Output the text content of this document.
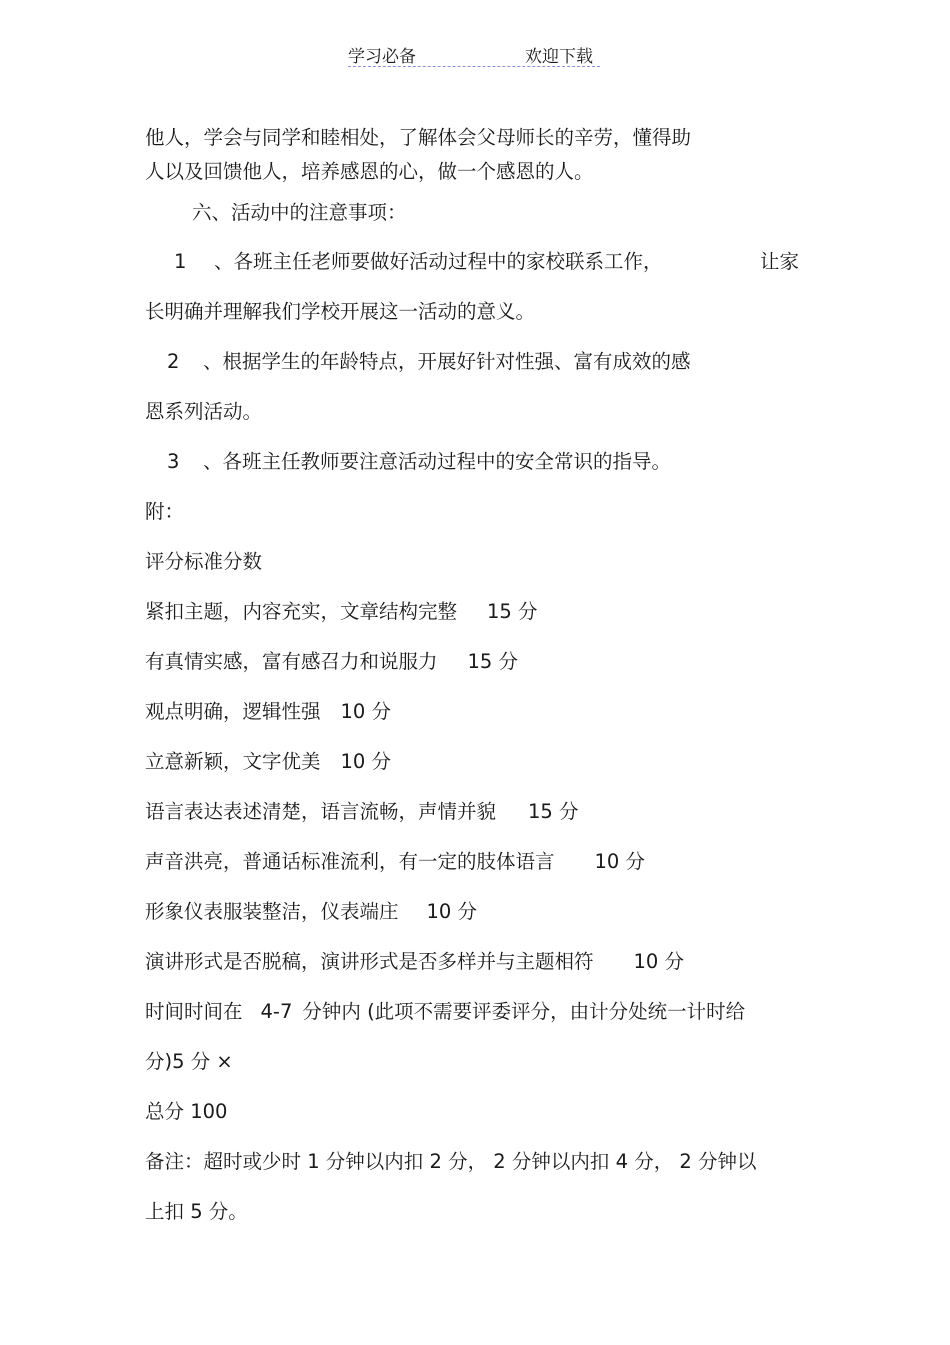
学习必备	欢迎下载
他人，学会与同学和睦相处，了解体会父母师长的辛劳，懂得助
人以及回馈他人，培养感恩的心，做一个感恩的人。
六、活动中的注意事项：
1 、各班主任老师要做好活动过程中的家校联系工作，	让家
长明确并理解我们学校开展这一活动的意义。
2 、根据学生的年龄特点，开展好针对性强、富有成效的感
恩系列活动。
3 、各班主任教师要注意活动过程中的安全常识的指导。
附：
评分标准分数
紧扣主题，内容充实，文章结构完整 15 分
有真情实感，富有感召力和说服力 15 分
观点明确，逻辑性强 10 分
立意新颖，文字优美 10 分
语言表达表述清楚，语言流畅，声情并貌 15 分
声音洪亮，普通话标准流利，有一定的肢体语言 10 分
形象仪表服装整洁，仪表端庄 10 分
演讲形式是否脱稿，演讲形式是否多样并与主题相符 10 分
时间时间在 4-7 分钟内 (此项不需要评委评分，由计分处统一计时给
分)5 分 ×
总分 100
备注：超时或少时 1 分钟以内扣 2 分， 2 分钟以内扣 4 分， 2 分钟以
上扣 5 分。
